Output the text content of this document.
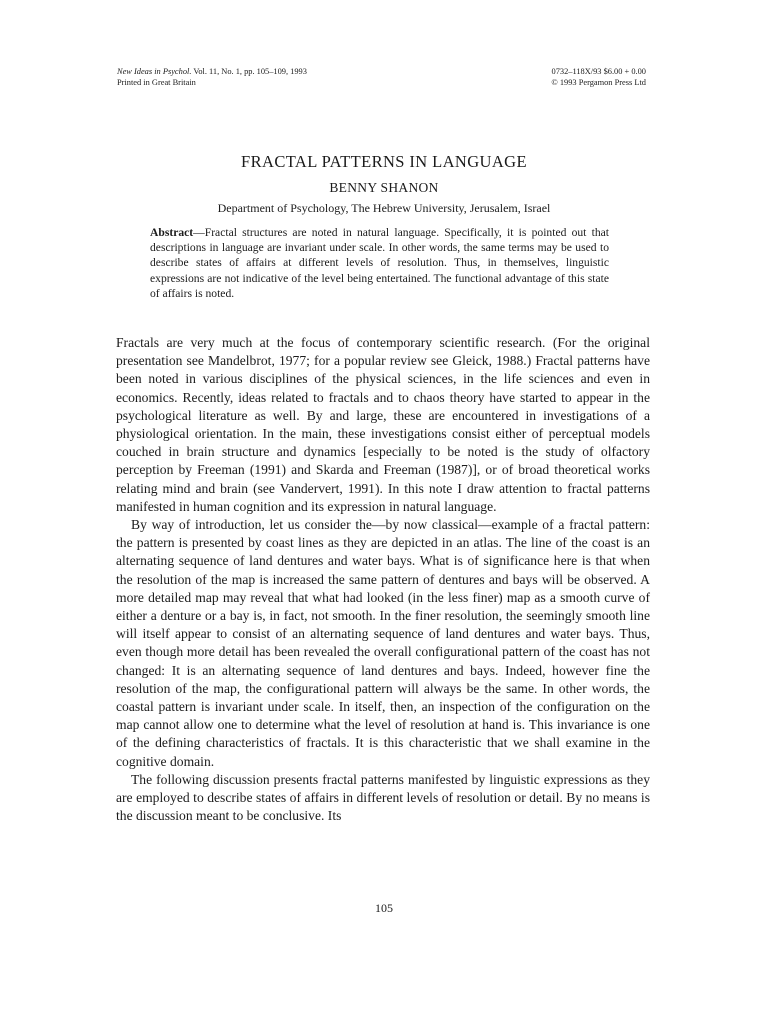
New Ideas in Psychol. Vol. 11, No. 1, pp. 105–109, 1993
Printed in Great Britain
0732–118X/93 $6.00 + 0.00
© 1993 Pergamon Press Ltd
FRACTAL PATTERNS IN LANGUAGE
BENNY SHANON
Department of Psychology, The Hebrew University, Jerusalem, Israel
Abstract—Fractal structures are noted in natural language. Specifically, it is pointed out that descriptions in language are invariant under scale. In other words, the same terms may be used to describe states of affairs at different levels of resolution. Thus, in themselves, linguistic expressions are not indicative of the level being entertained. The functional advantage of this state of affairs is noted.

Fractals are very much at the focus of contemporary scientific research. (For the original presentation see Mandelbrot, 1977; for a popular review see Gleick, 1988.) Fractal patterns have been noted in various disciplines of the physical sciences, in the life sciences and even in economics. Recently, ideas related to fractals and to chaos theory have started to appear in the psychological literature as well. By and large, these are encountered in investigations of a physiological orientation. In the main, these investigations consist either of perceptual models couched in brain structure and dynamics [especially to be noted is the study of olfactory perception by Freeman (1991) and Skarda and Freeman (1987)], or of broad theoretical works relating mind and brain (see Vandervert, 1991). In this note I draw attention to fractal patterns manifested in human cognition and its expression in natural language.

By way of introduction, let us consider the—by now classical—example of a fractal pattern: the pattern is presented by coast lines as they are depicted in an atlas. The line of the coast is an alternating sequence of land dentures and water bays. What is of significance here is that when the resolution of the map is increased the same pattern of dentures and bays will be observed. A more detailed map may reveal that what had looked (in the less finer) map as a smooth curve of either a denture or a bay is, in fact, not smooth. In the finer resolution, the seemingly smooth line will itself appear to consist of an alternating sequence of land dentures and water bays. Thus, even though more detail has been revealed the overall configurational pattern of the coast has not changed: It is an alternating sequence of land dentures and bays. Indeed, however fine the resolution of the map, the configurational pattern will always be the same. In other words, the coastal pattern is invariant under scale. In itself, then, an inspection of the configuration on the map cannot allow one to determine what the level of resolution at hand is. This invariance is one of the defining characteristics of fractals. It is this characteristic that we shall examine in the cognitive domain.

The following discussion presents fractal patterns manifested by linguistic expressions as they are employed to describe states of affairs in different levels of resolution or detail. By no means is the discussion meant to be conclusive. Its

105
